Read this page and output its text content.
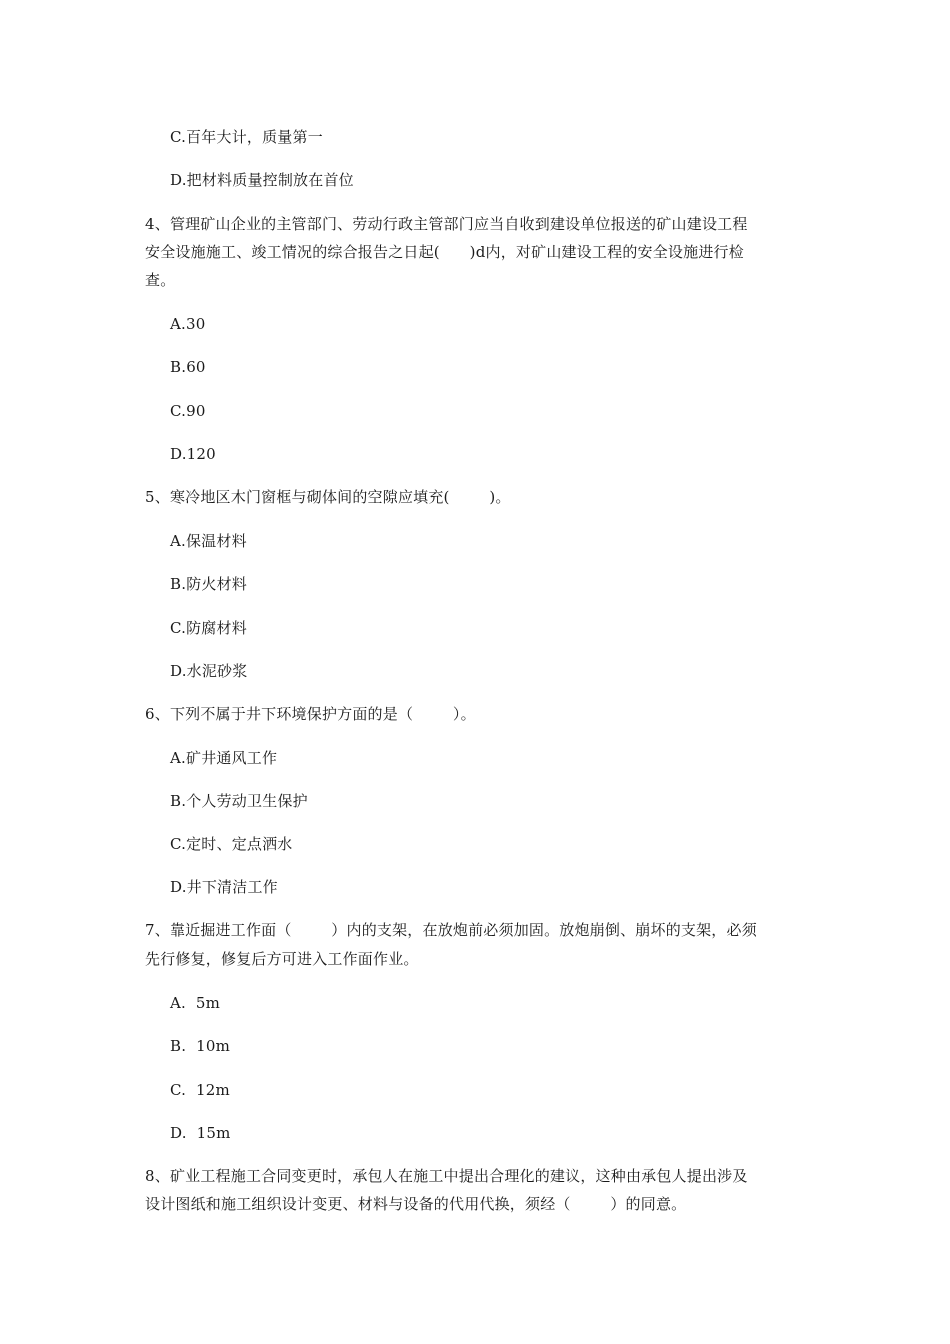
C.百年大计，质量第一
D.把材料质量控制放在首位
4、管理矿山企业的主管部门、劳动行政主管部门应当自收到建设单位报送的矿山建设工程
安全设施施工、竣工情况的综合报告之日起(      )d内，对矿山建设工程的安全设施进行检
查。
A.30
B.60
C.90
D.120
5、寒冷地区木门窗框与砌体间的空隙应填充(        )。
A.保温材料
B.防火材料
C.防腐材料
D.水泥砂浆
6、下列不属于井下环境保护方面的是（        ）。
A.矿井通风工作
B.个人劳动卫生保护
C.定时、定点洒水
D.井下清洁工作
7、靠近掘进工作面（        ）内的支架，在放炮前必须加固。放炮崩倒、崩坏的支架，必须
先行修复，修复后方可进入工作面作业。
A.  5m
B.  10m
C.  12m
D.  15m
8、矿业工程施工合同变更时，承包人在施工中提出合理化的建议，这种由承包人提出涉及
设计图纸和施工组织设计变更、材料与设备的代用代换，须经（        ）的同意。
